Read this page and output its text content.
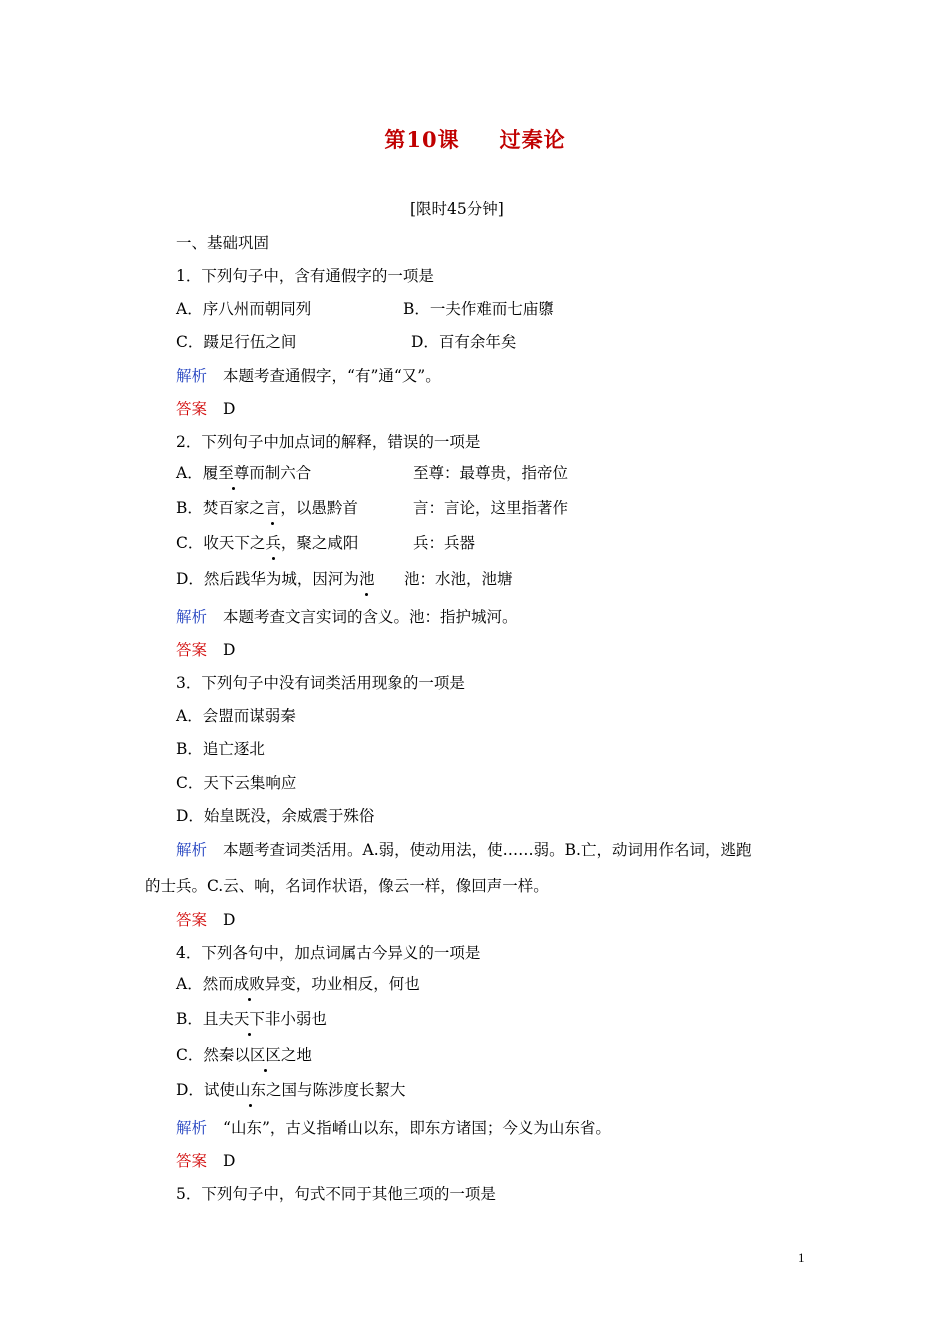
第10课 过秦论
[限时45分钟]
一、基础巩固
1．下列句子中，含有通假字的一项是
A．序八州而朝同列	B．一夫作难而七庙隳
C．蹑足行伍之间	D．百有余年矣
解析 本题考查通假字，“有”通“又”。
答案 D
2．下列句子中加点词的解释，错误的一项是
A．履至尊而制六合	至尊：最尊贵，指帝位
B．焚百家之言，以愚黔首	言：言论，这里指著作
C．收天下之兵，聚之咸阳	兵：兵器
D．然后践华为城，因河为池 池：水池，池塘
解析 本题考查文言实词的含义。池：指护城河。
答案 D
3．下列句子中没有词类活用现象的一项是
A．会盟而谋弱秦
B．追亡逐北
C．天下云集响应
D．始皇既没，余威震于殊俗
解析 本题考查词类活用。A.弱，使动用法，使……弱。B.亡，动词用作名词，逃跑
的士兵。C.云、响，名词作状语，像云一样，像回声一样。
答案 D
4．下列各句中，加点词属古今异义的一项是
A．然而成败异变，功业相反，何也
B．且夫天下非小弱也
C．然秦以区区之地
D．试使山东之国与陈涉度长絜大
解析 “山东”，古义指崤山以东，即东方诸国；今义为山东省。
答案 D
5．下列句子中，句式不同于其他三项的一项是
1
